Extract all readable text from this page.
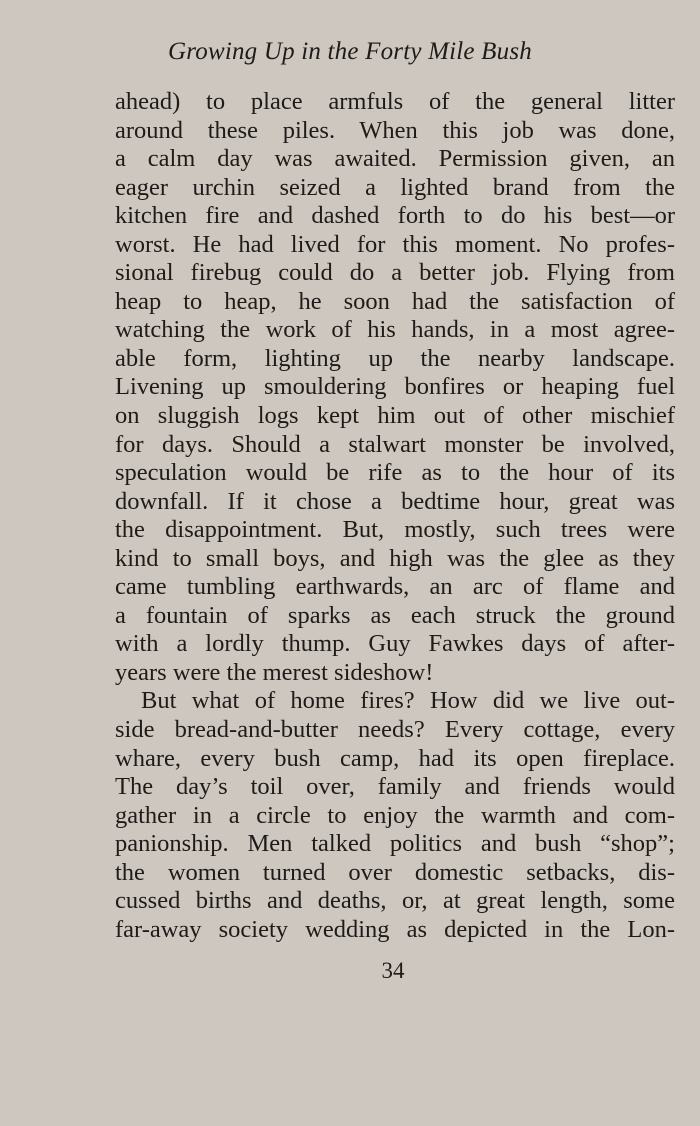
Growing Up in the Forty Mile Bush
ahead) to place armfuls of the general litter
around these piles. When this job was done,
a calm day was awaited. Permission given, an
eager urchin seized a lighted brand from the
kitchen fire and dashed forth to do his best—or
worst. He had lived for this moment. No profes-
sional firebug could do a better job. Flying from
heap to heap, he soon had the satisfaction of
watching the work of his hands, in a most agree-
able form, lighting up the nearby landscape.
Livening up smouldering bonfires or heaping fuel
on sluggish logs kept him out of other mischief
for days. Should a stalwart monster be involved,
speculation would be rife as to the hour of its
downfall. If it chose a bedtime hour, great was
the disappointment. But, mostly, such trees were
kind to small boys, and high was the glee as they
came tumbling earthwards, an arc of flame and
a fountain of sparks as each struck the ground
with a lordly thump. Guy Fawkes days of after-
years were the merest sideshow!
But what of home fires? How did we live out-
side bread-and-butter needs? Every cottage, every
whare, every bush camp, had its open fireplace.
The day’s toil over, family and friends would
gather in a circle to enjoy the warmth and com-
panionship. Men talked politics and bush “shop”;
the women turned over domestic setbacks, dis-
cussed births and deaths, or, at great length, some
far-away society wedding as depicted in the Lon-
34
